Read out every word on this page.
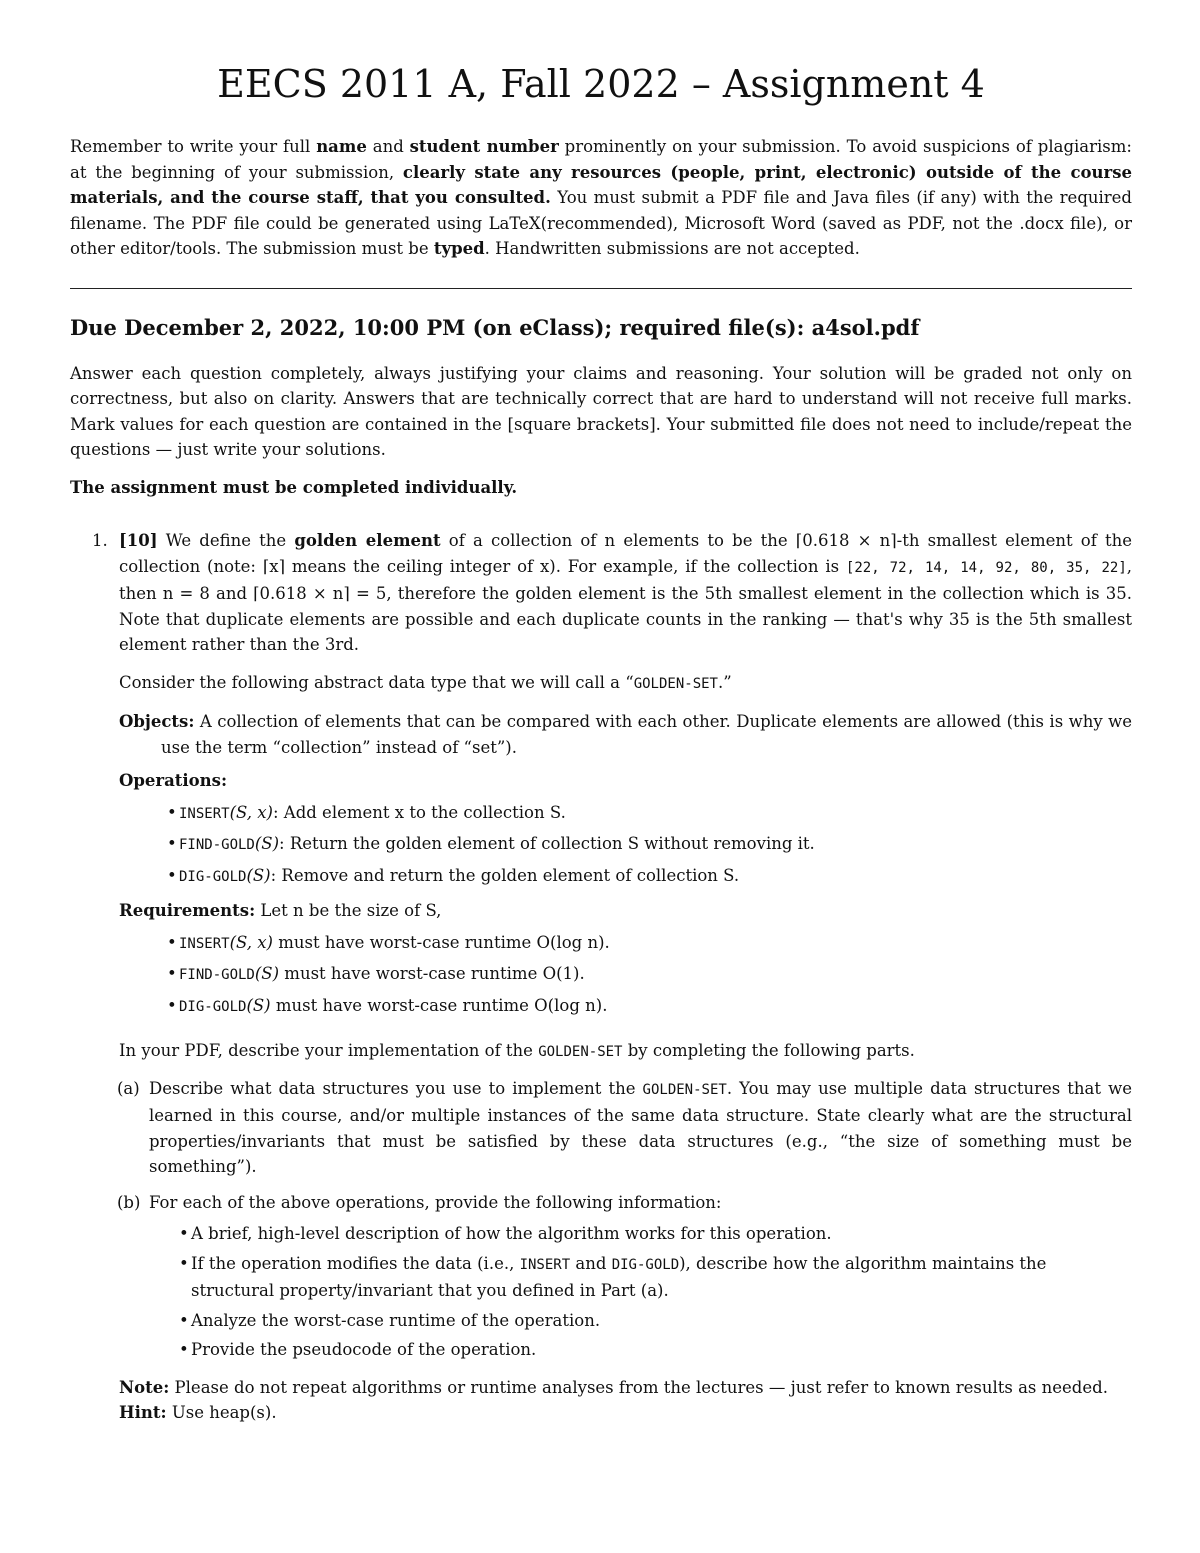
EECS 2011 A, Fall 2022 – Assignment 4

Remember to write your full name and student number prominently on your submission. To avoid suspicions of plagiarism: at the beginning of your submission, clearly state any resources (people, print, electronic) outside of the course materials, and the course staff, that you consulted. You must submit a PDF file and Java files (if any) with the required filename. The PDF file could be generated using LaTeX(recommended), Microsoft Word (saved as PDF, not the .docx file), or other editor/tools. The submission must be typed. Handwritten submissions are not accepted.

Due December 2, 2022, 10:00 PM (on eClass); required file(s): a4sol.pdf

Answer each question completely, always justifying your claims and reasoning. Your solution will be graded not only on correctness, but also on clarity. Answers that are technically correct that are hard to understand will not receive full marks. Mark values for each question are contained in the [square brackets]. Your submitted file does not need to include/repeat the questions — just write your solutions.

The assignment must be completed individually.

1. [10] We define the golden element of a collection of n elements to be the ⌈0.618 × n⌉-th smallest element of the collection (note: ⌈x⌉ means the ceiling integer of x). For example, if the collection is [22, 72, 14, 14, 92, 80, 35, 22], then n = 8 and ⌈0.618 × n⌉ = 5, therefore the golden element is the 5th smallest element in the collection which is 35. Note that duplicate elements are possible and each duplicate counts in the ranking — that's why 35 is the 5th smallest element rather than the 3rd.

Consider the following abstract data type that we will call a “GOLDEN-SET.”

Objects: A collection of elements that can be compared with each other. Duplicate elements are allowed (this is why we use the term “collection” instead of “set”).

Operations:

• INSERT(S, x): Add element x to the collection S.
• FIND-GOLD(S): Return the golden element of collection S without removing it.
• DIG-GOLD(S): Remove and return the golden element of collection S.

Requirements: Let n be the size of S,

• INSERT(S, x) must have worst-case runtime O(log n).
• FIND-GOLD(S) must have worst-case runtime O(1).
• DIG-GOLD(S) must have worst-case runtime O(log n).

In your PDF, describe your implementation of the GOLDEN-SET by completing the following parts.

(a) Describe what data structures you use to implement the GOLDEN-SET. You may use multiple data structures that we learned in this course, and/or multiple instances of the same data structure. State clearly what are the structural properties/invariants that must be satisfied by these data structures (e.g., “the size of something must be something”).

(b) For each of the above operations, provide the following information:

• A brief, high-level description of how the algorithm works for this operation.
• If the operation modifies the data (i.e., INSERT and DIG-GOLD), describe how the algorithm maintains the structural property/invariant that you defined in Part (a).
• Analyze the worst-case runtime of the operation.
• Provide the pseudocode of the operation.

Note: Please do not repeat algorithms or runtime analyses from the lectures — just refer to known results as needed.

Hint: Use heap(s).
